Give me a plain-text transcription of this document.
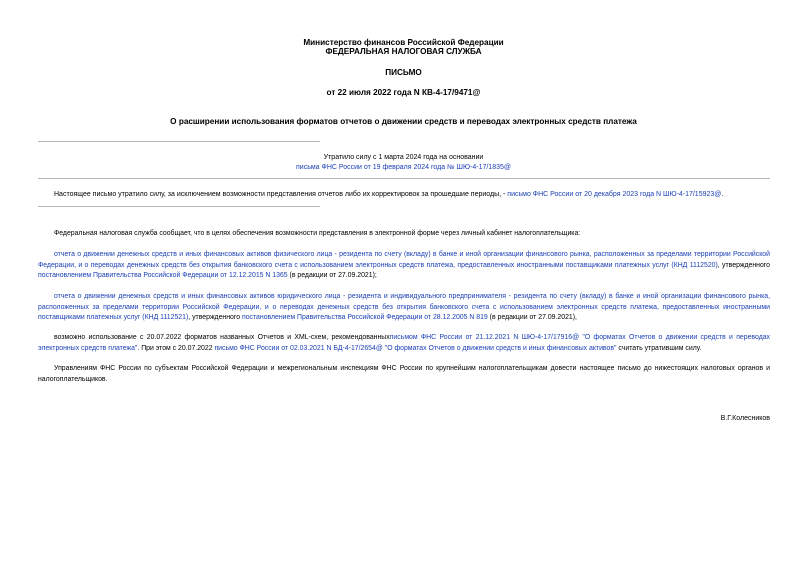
Министерство финансов Российской Федерации
ФЕДЕРАЛЬНАЯ НАЛОГОВАЯ СЛУЖБА
ПИСЬМО
от 22 июля 2022 года N КВ-4-17/9471@
О расширении использования форматов отчетов о движении средств и переводах электронных средств платежа
Утратило силу с 1 марта 2024 года на основании
письма ФНС России от 19 февраля 2024 года № ШЮ-4-17/1835@
Настоящее письмо утратило силу, за исключением возможности представления отчетов либо их корректировок за прошедшие периоды, - письмо ФНС России от 20 декабря 2023 года N ШЮ-4-17/15923@.
Федеральная налоговая служба сообщает, что в целях обеспечения возможности представления в электронной форме через личный кабинет налогоплательщика:
отчета о движении денежных средств и иных финансовых активов физического лица - резидента по счету (вкладу) в банке и иной организации финансового рынка, расположенных за пределами территории Российской Федерации, и о переводах денежных средств без открытия банковского счета с использованием электронных средств платежа, предоставленных иностранными поставщиками платежных услуг (КНД 1112520), утвержденного постановлением Правительства Российской Федерации от 12.12.2015 N 1365 (в редакции от 27.09.2021);
отчета о движении денежных средств и иных финансовых активов юридического лица - резидента и индивидуального предпринимателя - резидента по счету (вкладу) в банке и иной организации финансового рынка, расположенных за пределами территории Российской Федерации, и о переводах денежных средств без открытия банковского счета с использованием электронных средств платежа, предоставленных иностранными поставщиками платежных услуг (КНД 1112521), утвержденного постановлением Правительства Российской Федерации от 28.12.2005 N 819 (в редакции от 27.09.2021),
возможно использование с 20.07.2022 форматов названных Отчетов и XML-схем, рекомендованныхписьмом ФНС России от 21.12.2021 N ШЮ-4-17/17916@ "О форматах Отчетов о движении средств и переводах электронных средств платежа". При этом с 20.07.2022 письмо ФНС России от 02.03.2021 N БД-4-17/2654@ "О форматах Отчетов о движении средств и иных финансовых активов" считать утратившим силу.
Управлениям ФНС России по субъектам Российской Федерации и межрегиональным инспекциям ФНС России по крупнейшим налогоплательщикам довести настоящее письмо до нижестоящих налоговых органов и налогоплательщиков.
В.Г.Колесников
